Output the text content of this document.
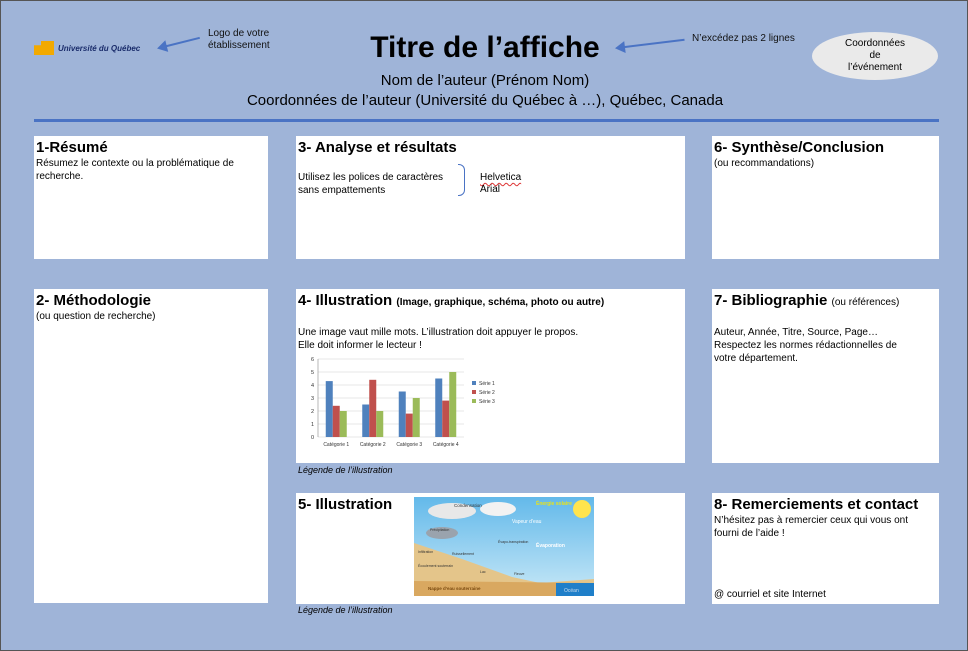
Université du Québec
Logo de votre établissement	Titre de l’affiche	N’excédez pas 2 lignes
Nom de l’auteur (Prénom Nom)
Coordonnées de l’auteur (Université du Québec à …), Québec, Canada
Coordonnées de l’événement
1-Résumé

Résumez le contexte ou la problématique de recherche.

2- Méthodologie

(ou question de recherche)

3- Analyse et résultats

Utilisez les polices de caractères sans empattements

Helvetica

Arial

4- Illustration (Image, graphique, schéma, photo ou autre)

Une image vaut mille mots. L’illustration doit appuyer le propos.

Elle doit informer le lecteur !

0
1
2
3
4
5
6
Catégorie 1 Catégorie 2 Catégorie 3 Catégorie 4
Série 1
Série 2
Série 3
Légende de l’illustration
5- Illustration	Condensation	Énergie solaire
Vapeur d’eau
Évaporation
Précipitation
Évapo-transpiration
Ruissellement
Infiltration
Écoulement souterrain
Lac	Fleuve
Océan
Nappe d’eau souterraine
Légende de l’illustration
6- Synthèse/Conclusion

(ou recommandations)

7- Bibliographie (ou références)

Auteur, Année, Titre, Source, Page…

Respectez les normes rédactionnelles de votre département.

8- Remerciements et contact

N’hésitez pas à remercier ceux qui vous ont fourni de l’aide !

@ courriel et site Internet
